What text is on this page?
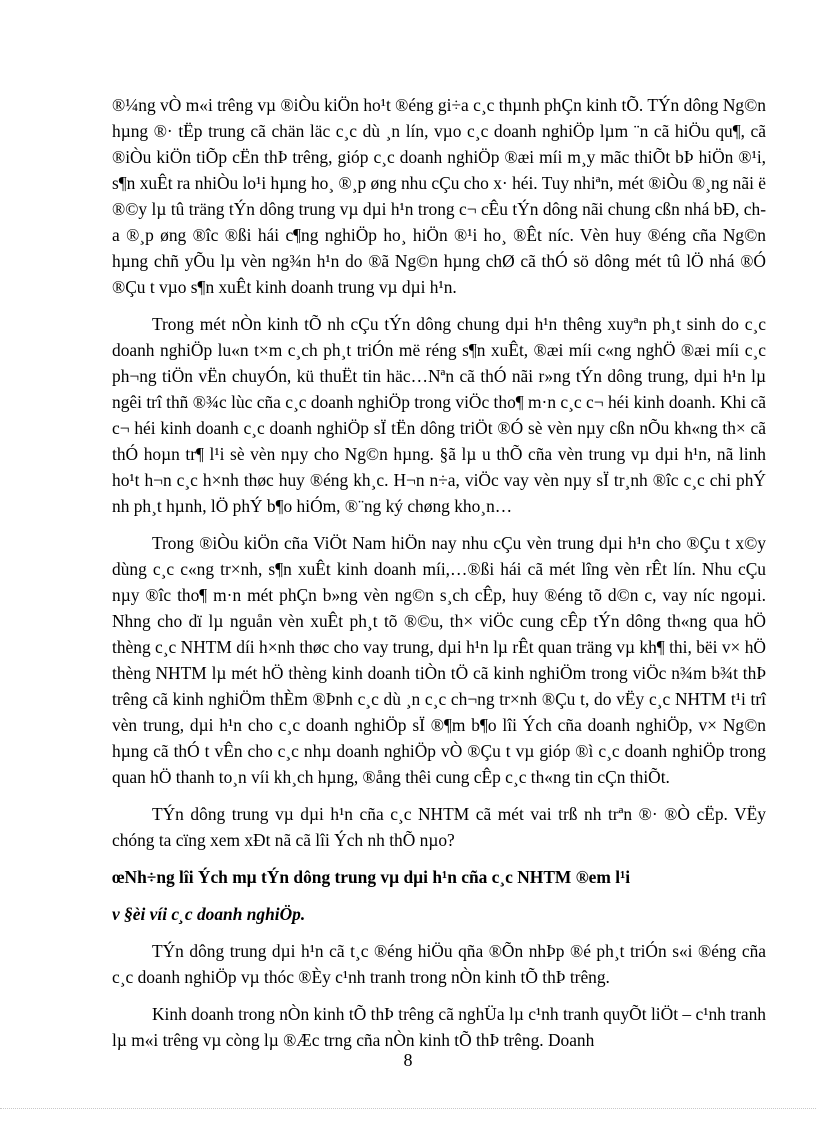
®¼ng vÒ m«i trêng vµ ®iÒu kiÖn ho¹t ®éng gi÷a c¸c thµnh phÇn kinh tÕ. TÝn dông Ng©n hµng ®· tËp trung cã chän läc c¸c dù ¸n lín, vµo c¸c doanh nghiÖp lµm ¨n cã hiÖu qu¶, cã ®iÒu kiÖn tiÕp cËn thÞ trêng, gióp c¸c doanh nghiÖp ®æi míi m¸y mãc thiÕt bÞ hiÖn ®¹i, s¶n xuÊt ra nhiÒu lo¹i hµng ho¸ ®¸p øng nhu cÇu cho x· héi. Tuy nhiªn, mét ®iÒu ®¸ng nãi ë ®©y lµ tû träng tÝn dông trung vµ dµi h¹n trong c¬ cÊu tÝn dông nãi chung cßn nhá bÐ, cha ®¸p øng ®îc ®ßi hái c¶ng nghiÖp ho¸ hiÖn ®¹i ho¸ ®Êt níc. Vèn huy ®éng cña Ng©n hµng chñ yÕu lµ vèn ng¾n h¹n do ®ã Ng©n hµng chØ cã thÓ sö dông mét tû lÖ nhá ®Ó ®Çu t vµo s¶n xuÊt kinh doanh trung vµ dµi h¹n.

Trong mét nÒn kinh tÕ nh cÇu tÝn dông chung dµi h¹n thêng xuyªn ph¸t sinh do c¸c doanh nghiÖp lu«n t×m c¸ch ph¸t triÓn më réng s¶n xuÊt, ®æi míi c«ng nghÖ ®æi míi c¸c ph¬ng tiÖn vËn chuyÓn, kü thuËt tin häc…Nªn cã thÓ nãi r»ng tÝn dông trung, dµi h¹n lµ ngêi trî thñ ®¾c lùc cña c¸c doanh nghiÖp trong viÖc tho¶ m·n c¸c c¬ héi kinh doanh. Khi cã c¬ héi kinh doanh c¸c doanh nghiÖp sÏ tËn dông triÖt ®Ó sè vèn nµy cßn nÕu kh«ng th× cã thÓ hoµn tr¶ l¹i sè vèn nµy cho Ng©n hµng. §ã lµ u thÕ cña vèn trung vµ dµi h¹n, nã linh ho¹t h¬n c¸c h×nh thøc huy ®éng kh¸c. H¬n n÷a, viÖc vay vèn nµy sÏ tr¸nh ®îc c¸c chi phÝ nh ph¸t hµnh, lÖ phÝ b¶o hiÓm, ®¨ng ký chøng kho¸n…

Trong ®iÒu kiÖn cña ViÖt Nam hiÖn nay nhu cÇu vèn trung dµi h¹n cho ®Çu t x©y dùng c¸c c«ng tr×nh, s¶n xuÊt kinh doanh míi,…®ßi hái cã mét lîng vèn rÊt lín. Nhu cÇu nµy ®îc tho¶ m·n mét phÇn b»ng vèn ng©n s¸ch cÊp, huy ®éng tõ d©n c, vay níc ngoµi. Nhng cho dï lµ nguån vèn xuÊt ph¸t tõ ®©u, th× viÖc cung cÊp tÝn dông th«ng qua hÖ thèng c¸c NHTM díi h×nh thøc cho vay trung, dµi h¹n lµ rÊt quan träng vµ kh¶ thi, bëi v× hÖ thèng NHTM lµ mét hÖ thèng kinh doanh tiÒn tÖ cã kinh nghiÖm trong viÖc n¾m b¾t thÞ trêng cã kinh nghiÖm thÈm ®Þnh c¸c dù ¸n c¸c ch¬ng tr×nh ®Çu t, do vËy c¸c NHTM t¹i trî vèn trung, dµi h¹n cho c¸c doanh nghiÖp sÏ ®¶m b¶o lîi Ých cña doanh nghiÖp, v× Ng©n hµng cã thÓ t vÊn cho c¸c nhµ doanh nghiÖp vÒ ®Çu t vµ gióp ®ì c¸c doanh nghiÖp trong quan hÖ thanh to¸n víi kh¸ch hµng, ®ång thêi cung cÊp c¸c th«ng tin cÇn thiÕt.

TÝn dông trung vµ dµi h¹n cña c¸c NHTM cã mét vai trß nh trªn ®· ®Ò cËp. VËy chóng ta cïng xem xÐt nã cã lîi Ých nh thÕ nµo?

œNh÷ng lîi Ých mµ tÝn dông trung vµ dµi h¹n cña c¸c NHTM ®em l¹i

v §èi víi c¸c doanh nghiÖp.

TÝn dông trung dµi h¹n cã t¸c ®éng hiÖu qña ®Õn nhÞp ®é ph¸t triÓn s«i ®éng cña c¸c doanh nghiÖp vµ thóc ®Èy c¹nh tranh trong nÒn kinh tÕ thÞ trêng.

Kinh doanh trong nÒn kinh tÕ thÞ trêng cã nghÜa lµ c¹nh tranh quyÕt liÖt – c¹nh tranh lµ m«i trêng vµ còng lµ ®Æc trng cña nÒn kinh tÕ thÞ trêng. Doanh

8
